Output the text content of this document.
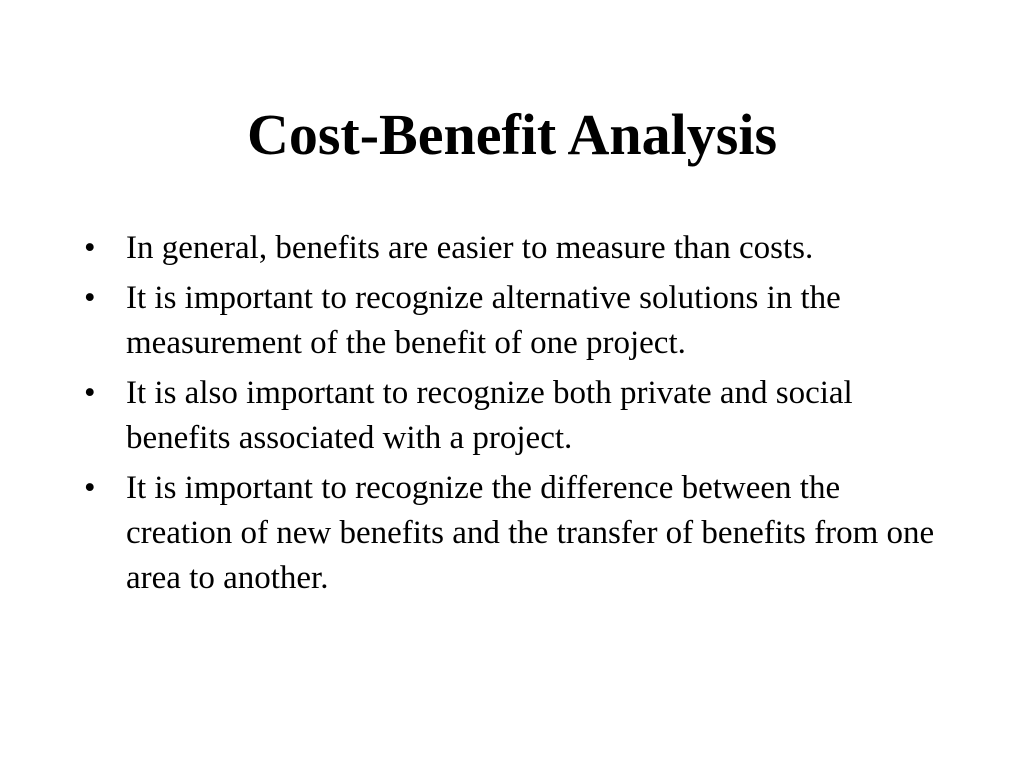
Cost-Benefit Analysis
• In general, benefits are easier to measure than costs.
• It is important to recognize alternative solutions in the measurement of the benefit of one project.
• It is also important to recognize both private and social benefits associated with a project.
• It is important to recognize the difference between the creation of new benefits and the transfer of benefits from one area to another.
